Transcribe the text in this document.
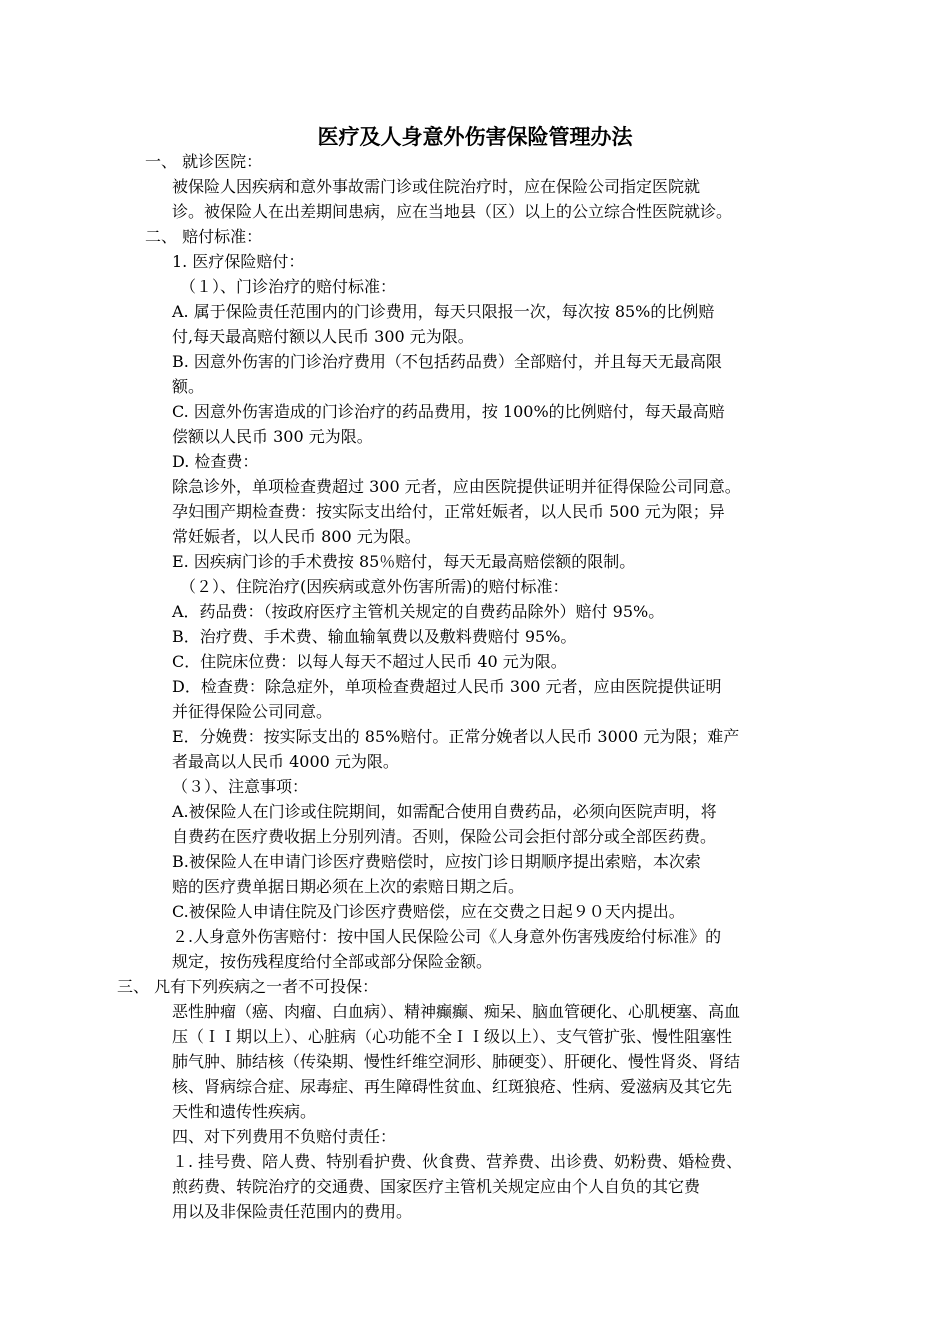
医疗及人身意外伤害保险管理办法
一、 就诊医院：
被保险人因疾病和意外事故需门诊或住院治疗时，应在保险公司指定医院就
诊。被保险人在出差期间患病，应在当地县（区）以上的公立综合性医院就诊。
二、 赔付标准：
1. 医疗保险赔付：
（１）、门诊治疗的赔付标准：
A. 属于保险责任范围内的门诊费用，每天只限报一次，每次按 85%的比例赔
付,每天最高赔付额以人民币 300 元为限。
B. 因意外伤害的门诊治疗费用（不包括药品费）全部赔付，并且每天无最高限
额。
C. 因意外伤害造成的门诊治疗的药品费用，按 100%的比例赔付，每天最高赔
偿额以人民币 300 元为限。
D. 检查费：
除急诊外，单项检查费超过 300 元者，应由医院提供证明并征得保险公司同意。
孕妇围产期检查费：按实际支出给付，正常妊娠者，以人民币 500 元为限；异
常妊娠者，以人民币 800 元为限。
E. 因疾病门诊的手术费按 85％赔付，每天无最高赔偿额的限制。
（２）、住院治疗(因疾病或意外伤害所需)的赔付标准：
A．药品费：（按政府医疗主管机关规定的自费药品除外）赔付 95%。
B．治疗费、手术费、输血输氧费以及敷料费赔付 95%。
C．住院床位费：以每人每天不超过人民币 40 元为限。
D．检查费：除急症外，单项检查费超过人民币 300 元者，应由医院提供证明
并征得保险公司同意。
E．分娩费：按实际支出的 85%赔付。正常分娩者以人民币 3000 元为限；难产
者最高以人民币 4000 元为限。
（３）、注意事项：
A.被保险人在门诊或住院期间，如需配合使用自费药品，必须向医院声明，将
自费药在医疗费收据上分别列清。否则，保险公司会拒付部分或全部医药费。
B.被保险人在申请门诊医疗费赔偿时，应按门诊日期顺序提出索赔，本次索
赔的医疗费单据日期必须在上次的索赔日期之后。
C.被保险人申请住院及门诊医疗费赔偿，应在交费之日起９０天内提出。
２.人身意外伤害赔付：按中国人民保险公司《人身意外伤害残废给付标准》的
规定，按伤残程度给付全部或部分保险金额。
三、 凡有下列疾病之一者不可投保：
恶性肿瘤（癌、肉瘤、白血病）、精神癫癫、痴呆、脑血管硬化、心肌梗塞、高血
压（ＩＩ期以上）、心脏病（心功能不全ＩＩ级以上）、支气管扩张、慢性阻塞性
肺气肿、肺结核（传染期、慢性纤维空洞形、肺硬变）、肝硬化、慢性肾炎、肾结
核、肾病综合症、尿毒症、再生障碍性贫血、红斑狼疮、性病、爱滋病及其它先
天性和遗传性疾病。
四、对下列费用不负赔付责任：
１. 挂号费、陪人费、特别看护费、伙食费、营养费、出诊费、奶粉费、婚检费、
煎药费、转院治疗的交通费、国家医疗主管机关规定应由个人自负的其它费
用以及非保险责任范围内的费用。
